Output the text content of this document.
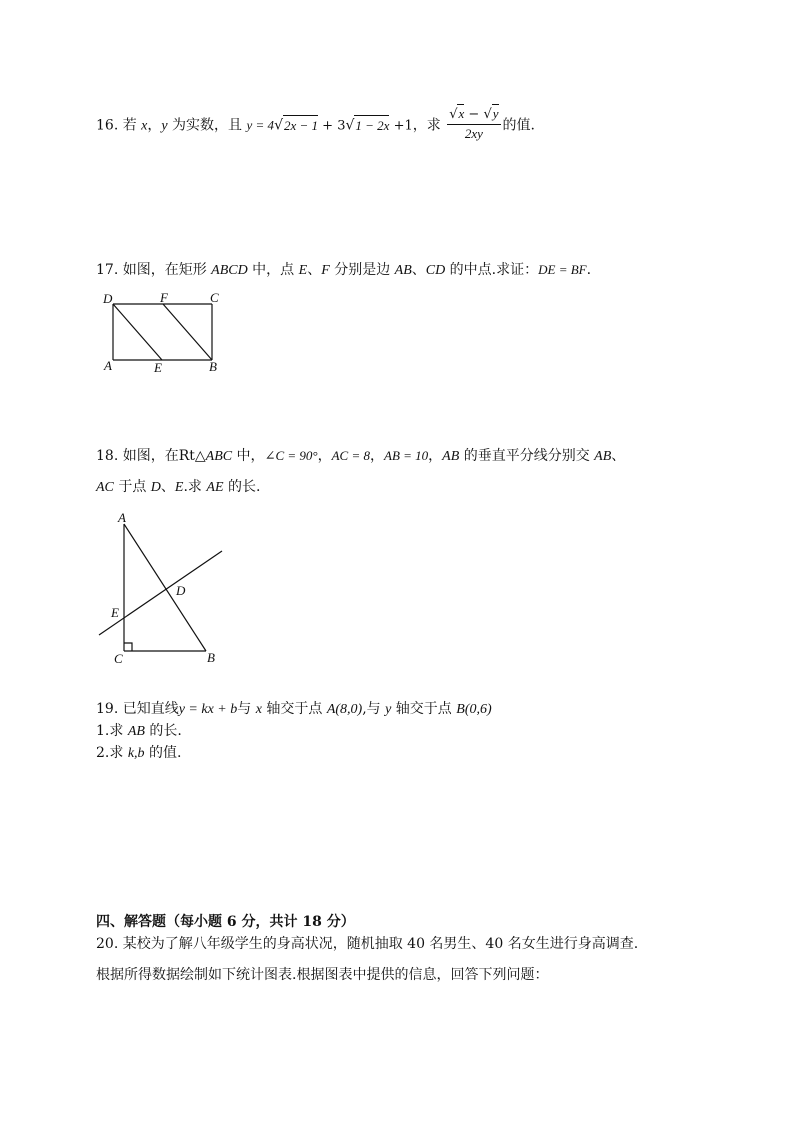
16. 若 x，y 为实数，且 y = 4√2x − 1 + 3√1 − 2x +1，求 $\frac{√x - √y}{2xy}$ 的值.
17. 如图，在矩形 ABCD 中，点 E、F 分别是边 AB、CD 的中点.求证：DE = BF.
D	F	C
A	E	B
18. 如图，在Rt△ABC 中，∠C = 90°，AC = 8，AB = 10，AB 的垂直平分线分别交 AB、
AC 于点 D、E.求 AE 的长.
A
D
E
C	B
19. 已知直线y = kx + b与 x 轴交于点 A(8,0),与 y 轴交于点 B(0,6)
1.求 AB 的长.
2.求 k,b 的值.
四、解答题（每小题 6 分，共计 18 分）
20. 某校为了解八年级学生的身高状况，随机抽取 40 名男生、40 名女生进行身高调查.
根据所得数据绘制如下统计图表.根据图表中提供的信息，回答下列问题：
